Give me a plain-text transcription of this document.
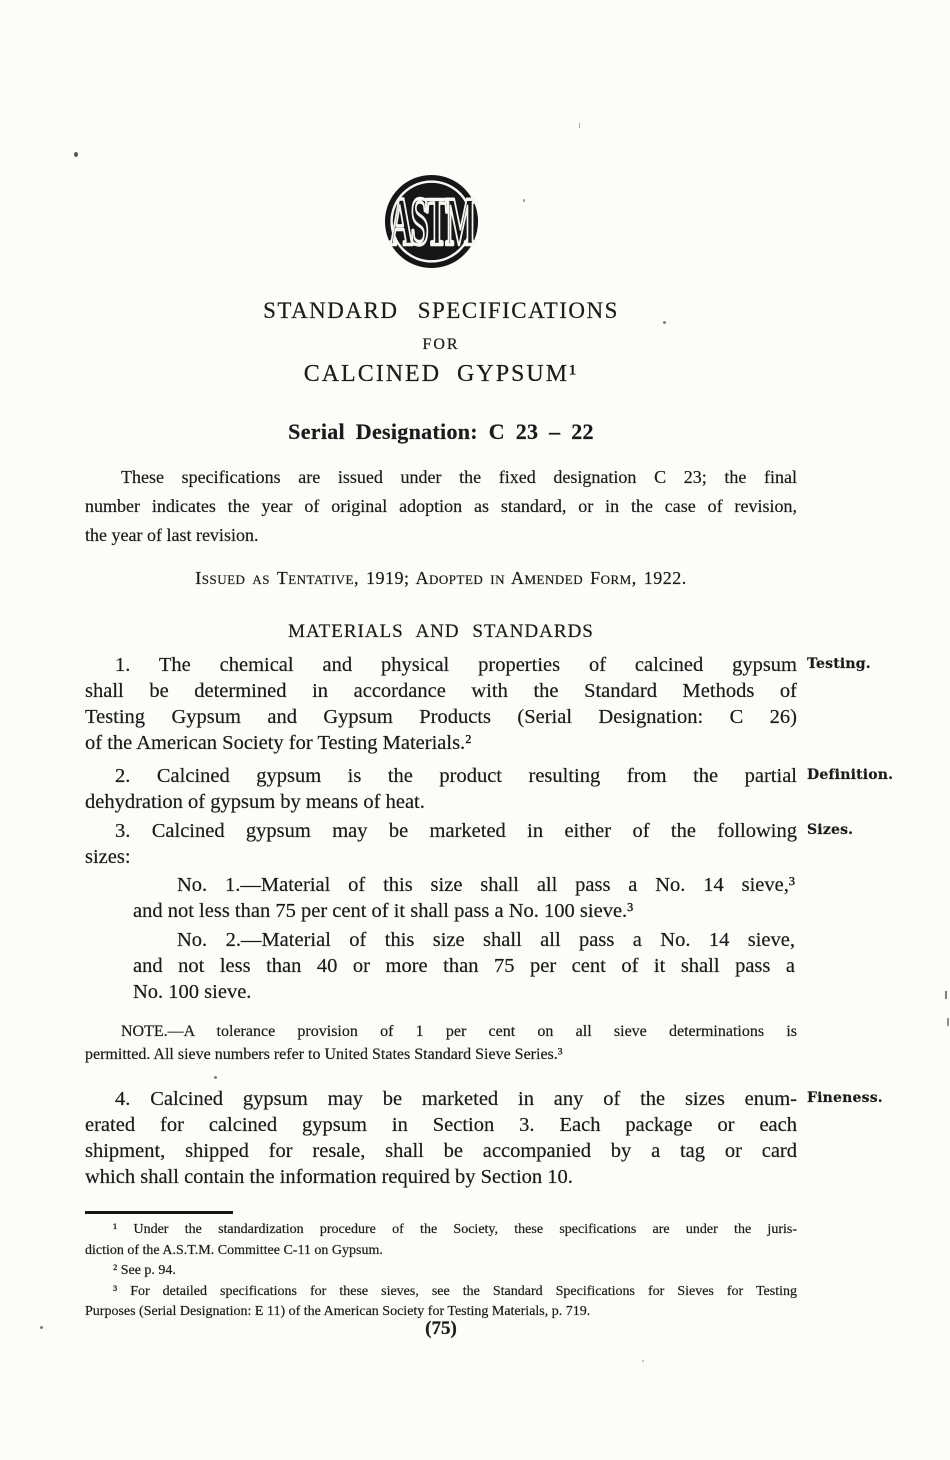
ASTM
STANDARD SPECIFICATIONS
FOR
CALCINED GYPSUM¹
Serial Designation: C 23 – 22
These specifications are issued under the fixed designation C 23; the final
number indicates the year of original adoption as standard, or in the case of revision,
the year of last revision.
Issued as Tentative, 1919; Adopted in Amended Form, 1922.
MATERIALS AND STANDARDS
1. The chemical and physical properties of calcined gypsum
shall be determined in accordance with the Standard Methods of
Testing Gypsum and Gypsum Products (Serial Designation: C 26)
of the American Society for Testing Materials.²
Testing.
2. Calcined gypsum is the product resulting from the partial
dehydration of gypsum by means of heat.
Definition.
3. Calcined gypsum may be marketed in either of the following
sizes:
Sizes.
No. 1.—Material of this size shall all pass a No. 14 sieve,³
and not less than 75 per cent of it shall pass a No. 100 sieve.³
No. 2.—Material of this size shall all pass a No. 14 sieve,
and not less than 40 or more than 75 per cent of it shall pass a
No. 100 sieve.
NOTE.—A tolerance provision of 1 per cent on all sieve determinations is
permitted. All sieve numbers refer to United States Standard Sieve Series.³
4. Calcined gypsum may be marketed in any of the sizes enum-
erated for calcined gypsum in Section 3. Each package or each
shipment, shipped for resale, shall be accompanied by a tag or card
which shall contain the information required by Section 10.
Fineness.
¹ Under the standardization procedure of the Society, these specifications are under the juris-
diction of the A.S.T.M. Committee C-11 on Gypsum.
² See p. 94.
³ For detailed specifications for these sieves, see the Standard Specifications for Sieves for Testing
Purposes (Serial Designation: E 11) of the American Society for Testing Materials, p. 719.
(75)
